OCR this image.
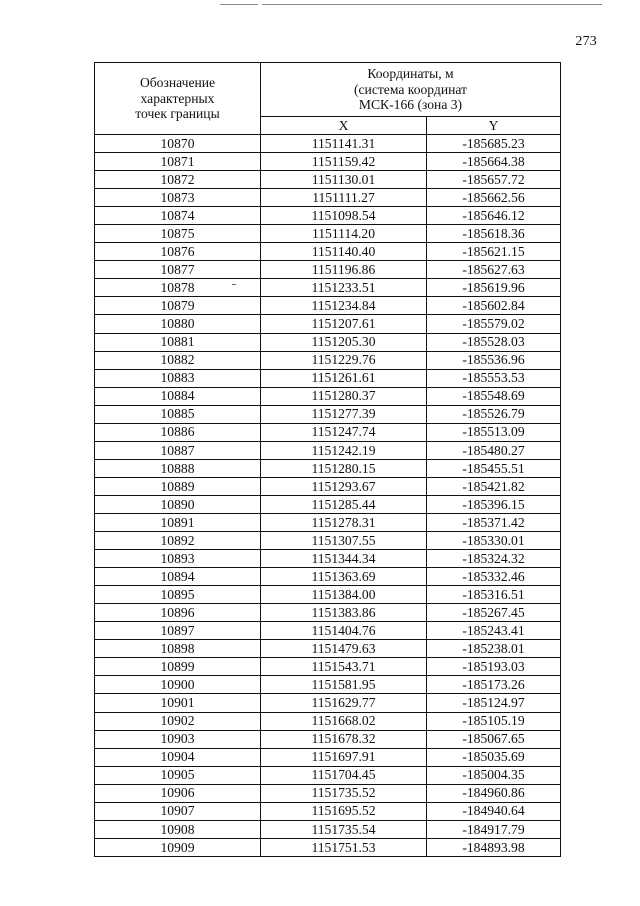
273
Обозначение
характерных
точек границы	Координаты, м
(система координат
МСК-166 (зона 3)	

	X	Y
10870	1151141.31	-185685.23
10871	1151159.42	-185664.38
10872	1151130.01	-185657.72
10873	1151111.27	-185662.56
10874	1151098.54	-185646.12
10875	1151114.20	-185618.36
10876	1151140.40	-185621.15
10877	1151196.86	-185627.63
10878	1151233.51	-185619.96
10879	1151234.84	-185602.84
10880	1151207.61	-185579.02
10881	1151205.30	-185528.03
10882	1151229.76	-185536.96
10883	1151261.61	-185553.53
10884	1151280.37	-185548.69
10885	1151277.39	-185526.79
10886	1151247.74	-185513.09
10887	1151242.19	-185480.27
10888	1151280.15	-185455.51
10889	1151293.67	-185421.82
10890	1151285.44	-185396.15
10891	1151278.31	-185371.42
10892	1151307.55	-185330.01
10893	1151344.34	-185324.32
10894	1151363.69	-185332.46
10895	1151384.00	-185316.51
10896	1151383.86	-185267.45
10897	1151404.76	-185243.41
10898	1151479.63	-185238.01
10899	1151543.71	-185193.03
10900	1151581.95	-185173.26
10901	1151629.77	-185124.97
10902	1151668.02	-185105.19
10903	1151678.32	-185067.65
10904	1151697.91	-185035.69
10905	1151704.45	-185004.35
10906	1151735.52	-184960.86
10907	1151695.52	-184940.64
10908	1151735.54	-184917.79
10909	1151751.53	-184893.98
